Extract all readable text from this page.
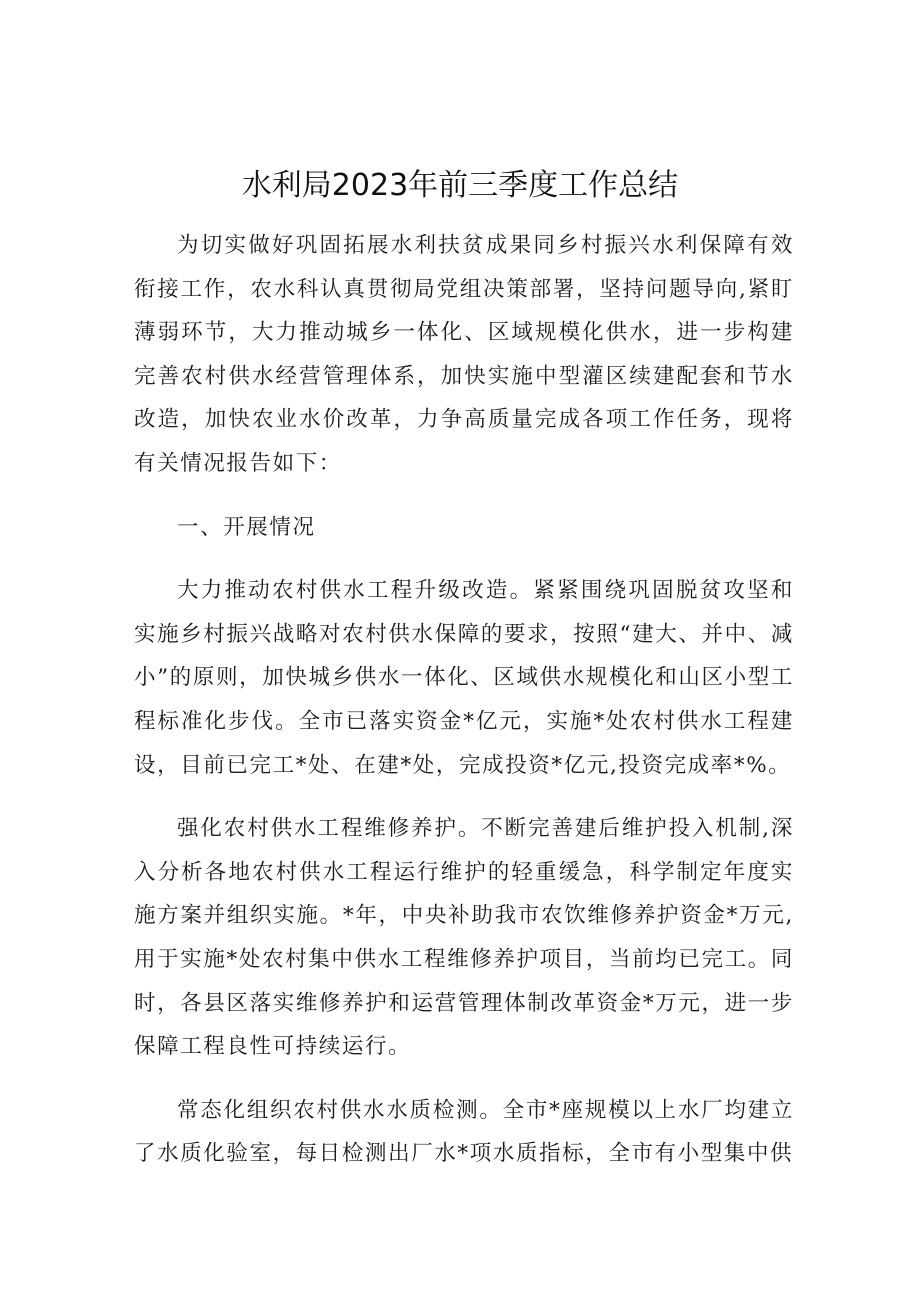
水利局2023年前三季度工作总结

为切实做好巩固拓展水利扶贫成果同乡村振兴水利保障有效衔接工作，农水科认真贯彻局党组决策部署，坚持问题导向,紧盯薄弱环节，大力推动城乡一体化、区域规模化供水，进一步构建完善农村供水经营管理体系，加快实施中型灌区续建配套和节水改造，加快农业水价改革，力争高质量完成各项工作任务，现将有关情况报告如下：

一、开展情况

大力推动农村供水工程升级改造。紧紧围绕巩固脱贫攻坚和实施乡村振兴战略对农村供水保障的要求，按照“建大、并中、减小”的原则，加快城乡供水一体化、区域供水规模化和山区小型工程标准化步伐。全市已落实资金*亿元，实施*处农村供水工程建设，目前已完工*处、在建*处，完成投资*亿元,投资完成率*%。

强化农村供水工程维修养护。不断完善建后维护投入机制,深入分析各地农村供水工程运行维护的轻重缓急，科学制定年度实施方案并组织实施。*年，中央补助我市农饮维修养护资金*万元,用于实施*处农村集中供水工程维修养护项目，当前均已完工。同时，各县区落实维修养护和运营管理体制改革资金*万元，进一步保障工程良性可持续运行。

常态化组织农村供水水质检测。全市*座规模以上水厂均建立了水质化验室，每日检测出厂水*项水质指标，全市有小型集中供
